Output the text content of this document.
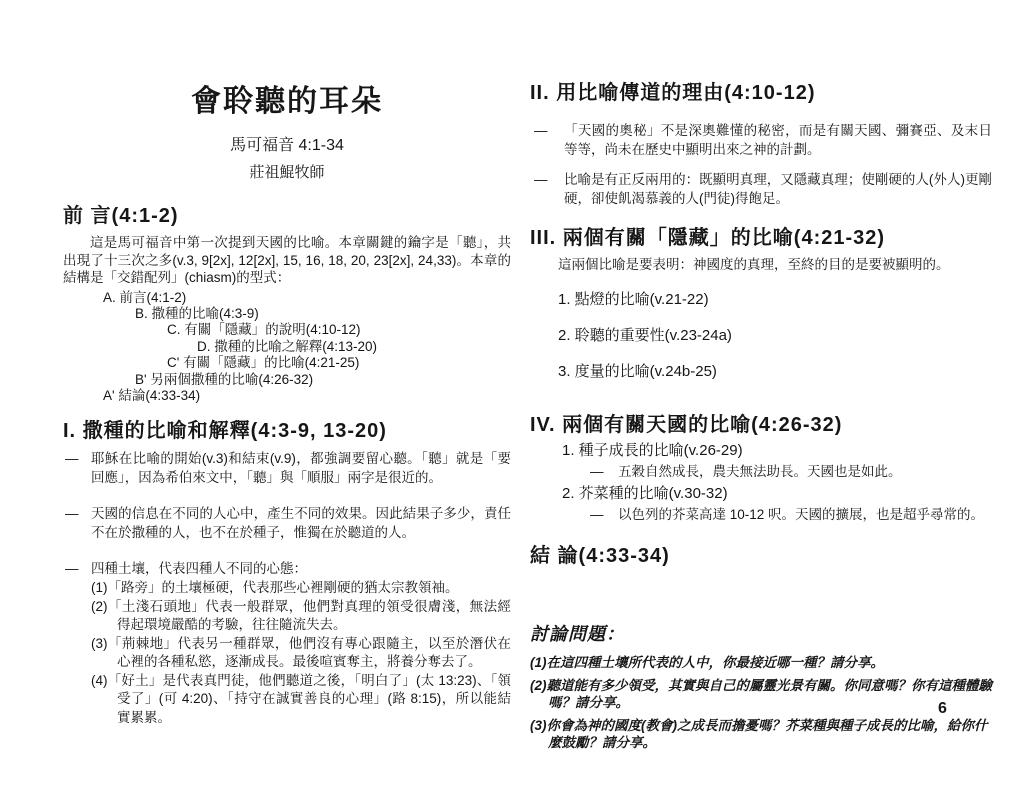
會聆聽的耳朵
馬可福音 4:1-34
莊祖鯤牧師
前 言(4:1-2)
這是馬可福音中第一次提到天國的比喻。本章關鍵的鑰字是「聽」，共出現了十三次之多(v.3, 9[2x], 12[2x], 15, 16, 18, 20, 23[2x], 24,33)。本章的結構是「交錯配列」(chiasm)的型式：
A. 前言(4:1-2)
B. 撒種的比喻(4:3-9)
C. 有關「隱藏」的說明(4:10-12)
D. 撒種的比喻之解釋(4:13-20)
C' 有關「隱藏」的比喻(4:21-25)
B' 另兩個撒種的比喻(4:26-32)
A' 結論(4:33-34)
I. 撒種的比喻和解釋(4:3-9, 13-20)
— 耶穌在比喻的開始(v.3)和結束(v.9)，都強調要留心聽。「聽」就是「要回應」，因為希伯來文中，「聽」與「順服」兩字是很近的。
— 天國的信息在不同的人心中，產生不同的效果。因此結果子多少，責任不在於撒種的人，也不在於種子，惟獨在於聽道的人。
— 四種土壤，代表四種人不同的心態：
(1)「路旁」的土壤極硬，代表那些心裡剛硬的猶太宗教領袖。
(2)「土淺石頭地」代表一般群眾，他們對真理的領受很膚淺，無法經得起環境嚴酷的考驗，往往隨流失去。
(3)「荊棘地」代表另一種群眾，他們沒有專心跟隨主，以至於潛伏在心裡的各種私慾，逐漸成長。最後喧賓奪主，將養分奪去了。
(4)「好土」是代表真門徒，他們聽道之後，「明白了」(太 13:23)、「領受了」(可 4:20)、「持守在誠實善良的心理」(路 8:15)，所以能結實累累。
II. 用比喻傳道的理由(4:10-12)
—	「天國的奧秘」不是深奧難懂的秘密，而是有關天國、彌賽亞、及末日等等，尚未在歷史中顯明出來之神的計劃。
—	比喻是有正反兩用的：既顯明真理，又隱藏真理；使剛硬的人(外人)更剛硬，卻使飢渴慕義的人(門徒)得飽足。
III. 兩個有關「隱藏」的比喻(4:21-32)
這兩個比喻是要表明：神國度的真理，至終的目的是要被顯明的。
1. 點燈的比喻(v.21-22)
2. 聆聽的重要性(v.23-24a)
3. 度量的比喻(v.24b-25)
IV. 兩個有關天國的比喻(4:26-32)
1. 種子成長的比喻(v.26-29)
—	五穀自然成長，農夫無法助長。天國也是如此。
2. 芥菜種的比喻(v.30-32)
—	以色列的芥菜高達 10-12 呎。天國的擴展，也是超乎尋常的。
結 論(4:33-34)
討論問題：
(1)在這四種土壤所代表的人中，你最接近哪一種？請分享。
(2)聽道能有多少領受，其實與自己的屬靈光景有關。你同意嗎？你有這種體驗嗎？請分享。
(3)你會為神的國度(教會)之成長而擔憂嗎？芥菜種與種子成長的比喻，給你什麼鼓勵？請分享。
6
